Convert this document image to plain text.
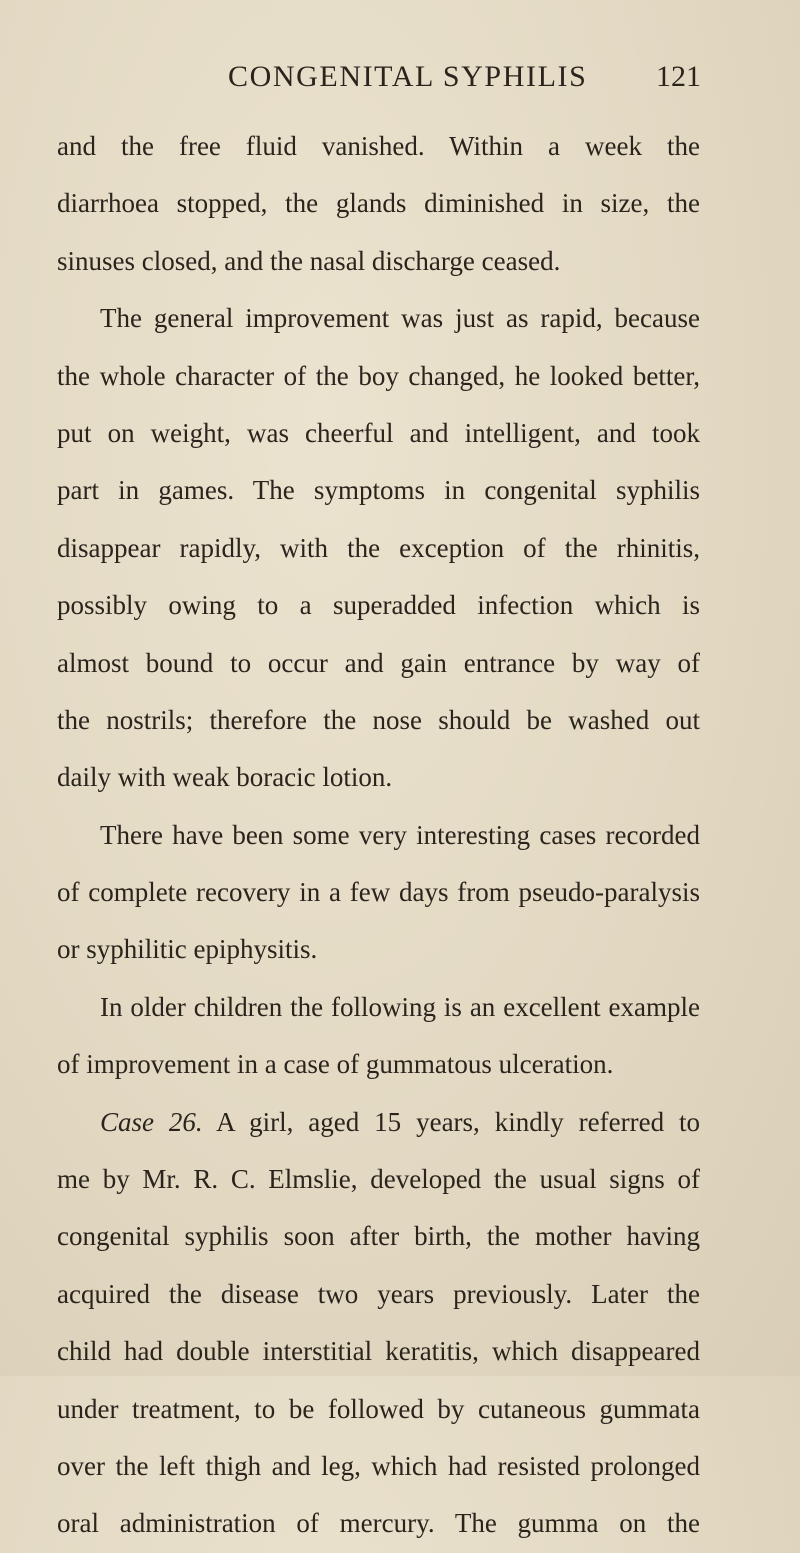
CONGENITAL SYPHILIS 121
and the free fluid vanished. Within a week the
diarrhoea stopped, the glands diminished in size, the
sinuses closed, and the nasal discharge ceased.
The general improvement was just as rapid, because
the whole character of the boy changed, he looked better,
put on weight, was cheerful and intelligent, and took
part in games. The symptoms in congenital syphilis
disappear rapidly, with the exception of the rhinitis,
possibly owing to a superadded infection which is
almost bound to occur and gain entrance by way of
the nostrils; therefore the nose should be washed out
daily with weak boracic lotion.
There have been some very interesting cases recorded
of complete recovery in a few days from pseudo-paralysis
or syphilitic epiphysitis.
In older children the following is an excellent example
of improvement in a case of gummatous ulceration.
Case 26. A girl, aged 15 years, kindly referred to
me by Mr. R. C. Elmslie, developed the usual signs of
congenital syphilis soon after birth, the mother having
acquired the disease two years previously. Later the
child had double interstitial keratitis, which disappeared
under treatment, to be followed by cutaneous gummata
over the left thigh and leg, which had resisted prolonged
oral administration of mercury. The gumma on the
